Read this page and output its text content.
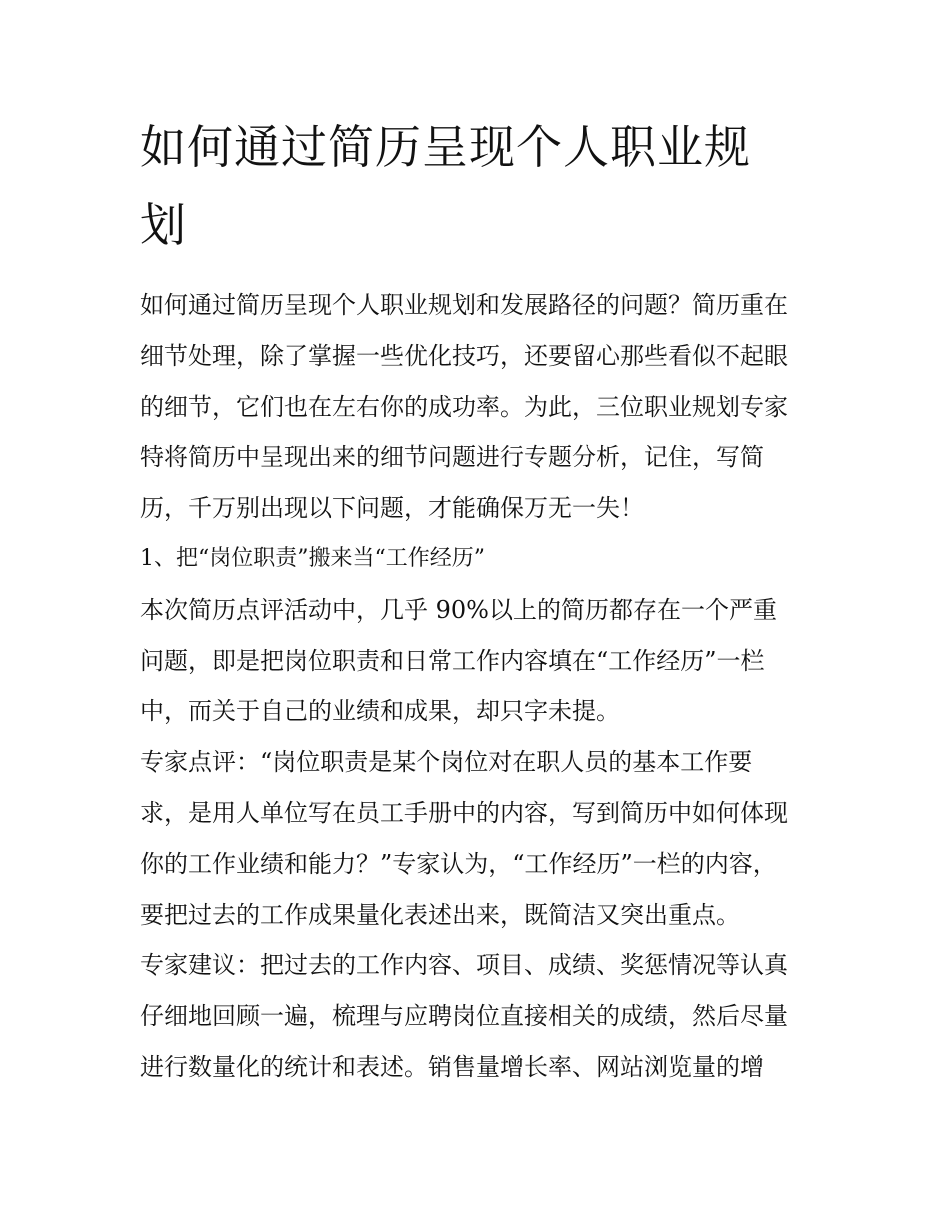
如何通过简历呈现个人职业规
划
如何通过简历呈现个人职业规划和发展路径的问题？简历重在
细节处理，除了掌握一些优化技巧，还要留心那些看似不起眼
的细节，它们也在左右你的成功率。为此，三位职业规划专家
特将简历中呈现出来的细节问题进行专题分析，记住，写简
历，千万别出现以下问题，才能确保万无一失！
1、把“岗位职责”搬来当“工作经历”
本次简历点评活动中，几乎 90%以上的简历都存在一个严重
问题，即是把岗位职责和日常工作内容填在“工作经历”一栏
中，而关于自己的业绩和成果，却只字未提。
专家点评：“岗位职责是某个岗位对在职人员的基本工作要
求，是用人单位写在员工手册中的内容，写到简历中如何体现
你的工作业绩和能力？”专家认为，“工作经历”一栏的内容，
要把过去的工作成果量化表述出来，既简洁又突出重点。
专家建议：把过去的工作内容、项目、成绩、奖惩情况等认真
仔细地回顾一遍，梳理与应聘岗位直接相关的成绩，然后尽量
进行数量化的统计和表述。销售量增长率、网站浏览量的增
